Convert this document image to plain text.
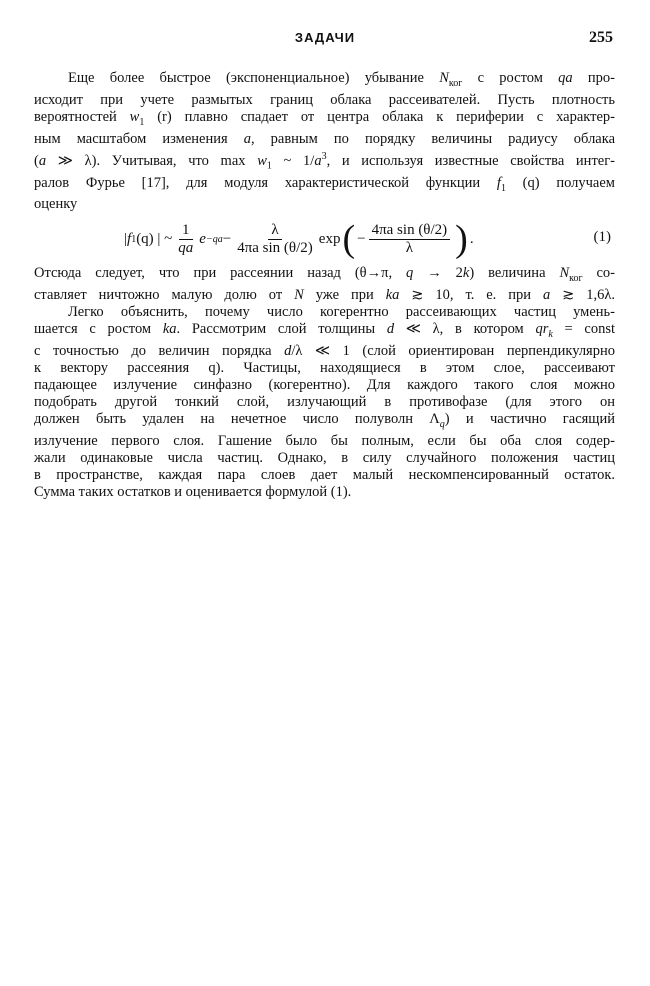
ЗАДАЧИ	255
Еще более быстрое (экспоненциальное) убывание $N_{ког}$ с ростом qa про-
исходит при учете размытых границ облака рассеивателей. Пусть плотность
вероятностей $w_1$ (r) плавно спадает от центра облака к периферии с характер-
ным масштабом изменения a, равным по порядку величины радиусу облака
(a ≫ λ). Учитывая, что $\max w_1$ ~ $1/a^3$, и используя известные свойства интег-
ралов Фурье [17], для модуля характеристической функции $f_1$ (q) получаем
оценку
| f 1 (q) | ~ $\frac{1}{qa}$ $e -qa - \frac{\lambda}{\text{4πa sin (θ/2)}}$ exp ( − $\frac{\text{4πa sin (θ/2)}}{\lambda}$ ) .	(1)
Отсюда следует, что при рассеянии назад (θ→π, q → 2k) величина $N_{ког}$ со-
ставляет ничтожно малую долю от N уже при ka ≳ 10, т. е. при a ≳ 1,6λ.
Легко объяснить, почему число когерентно рассеивающих частиц умень-
шается с ростом ka. Рассмотрим слой толщины d ≪ λ, в котором $qr_k$ = const
с точностью до величин порядка d/λ ≪ 1 (слой ориентирован перпендикулярно
к вектору рассеяния q). Частицы, находящиеся в этом слое, рассеивают
падающее излучение синфазно (когерентно). Для каждого такого слоя можно
подобрать другой тонкий слой, излучающий в противофазе (для этого он
должен быть удален на нечетное число полуволн $\Lambda_q$) и частично гасящий
излучение первого слоя. Гашение было бы полным, если бы оба слоя содер-
жали одинаковые числа частиц. Однако, в силу случайного положения частиц
в пространстве, каждая пара слоев дает малый нескомпенсированный остаток.
Сумма таких остатков и оценивается формулой (1).
